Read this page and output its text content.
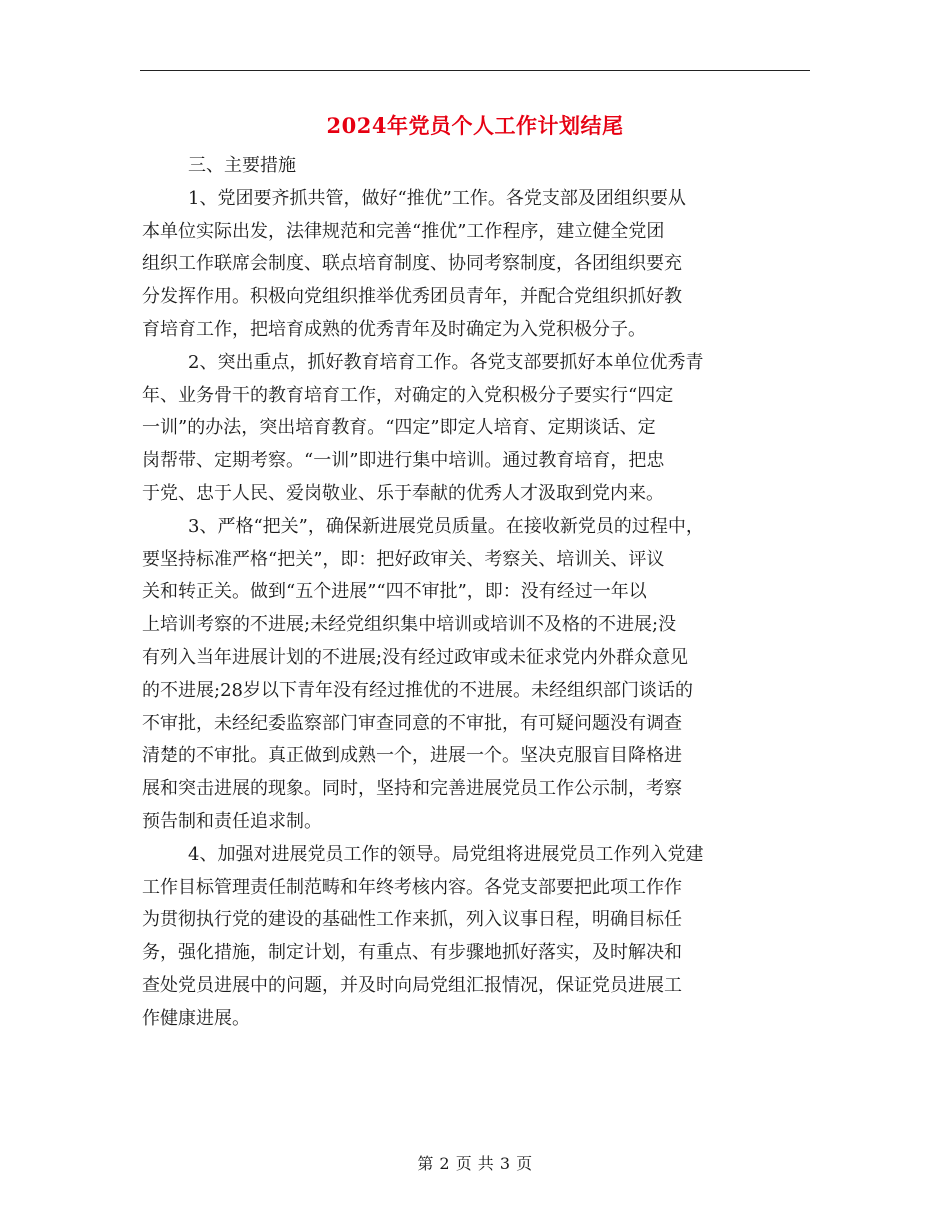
2024年党员个人工作计划结尾
三、主要措施
1、党团要齐抓共管，做好“推优”工作。各党支部及团组织要从
本单位实际出发，法律规范和完善“推优”工作程序，建立健全党团
组织工作联席会制度、联点培育制度、协同考察制度，各团组织要充
分发挥作用。积极向党组织推举优秀团员青年，并配合党组织抓好教
育培育工作，把培育成熟的优秀青年及时确定为入党积极分子。
2、突出重点，抓好教育培育工作。各党支部要抓好本单位优秀青
年、业务骨干的教育培育工作，对确定的入党积极分子要实行“四定
一训”的办法，突出培育教育。“四定”即定人培育、定期谈话、定
岗帮带、定期考察。“一训”即进行集中培训。通过教育培育，把忠
于党、忠于人民、爱岗敬业、乐于奉献的优秀人才汲取到党内来。
3、严格“把关”，确保新进展党员质量。在接收新党员的过程中，
要坚持标准严格“把关”，即：把好政审关、考察关、培训关、评议
关和转正关。做到“五个进展”“四不审批”，即：没有经过一年以
上培训考察的不进展;未经党组织集中培训或培训不及格的不进展;没
有列入当年进展计划的不进展;没有经过政审或未征求党内外群众意见
的不进展;28岁以下青年没有经过推优的不进展。未经组织部门谈话的
不审批，未经纪委监察部门审查同意的不审批，有可疑问题没有调查
清楚的不审批。真正做到成熟一个，进展一个。坚决克服盲目降格进
展和突击进展的现象。同时，坚持和完善进展党员工作公示制，考察
预告制和责任追求制。
4、加强对进展党员工作的领导。局党组将进展党员工作列入党建
工作目标管理责任制范畴和年终考核内容。各党支部要把此项工作作
为贯彻执行党的建设的基础性工作来抓，列入议事日程，明确目标任
务，强化措施，制定计划，有重点、有步骤地抓好落实，及时解决和
查处党员进展中的问题，并及时向局党组汇报情况，保证党员进展工
作健康进展。
第 2 页 共 3 页
